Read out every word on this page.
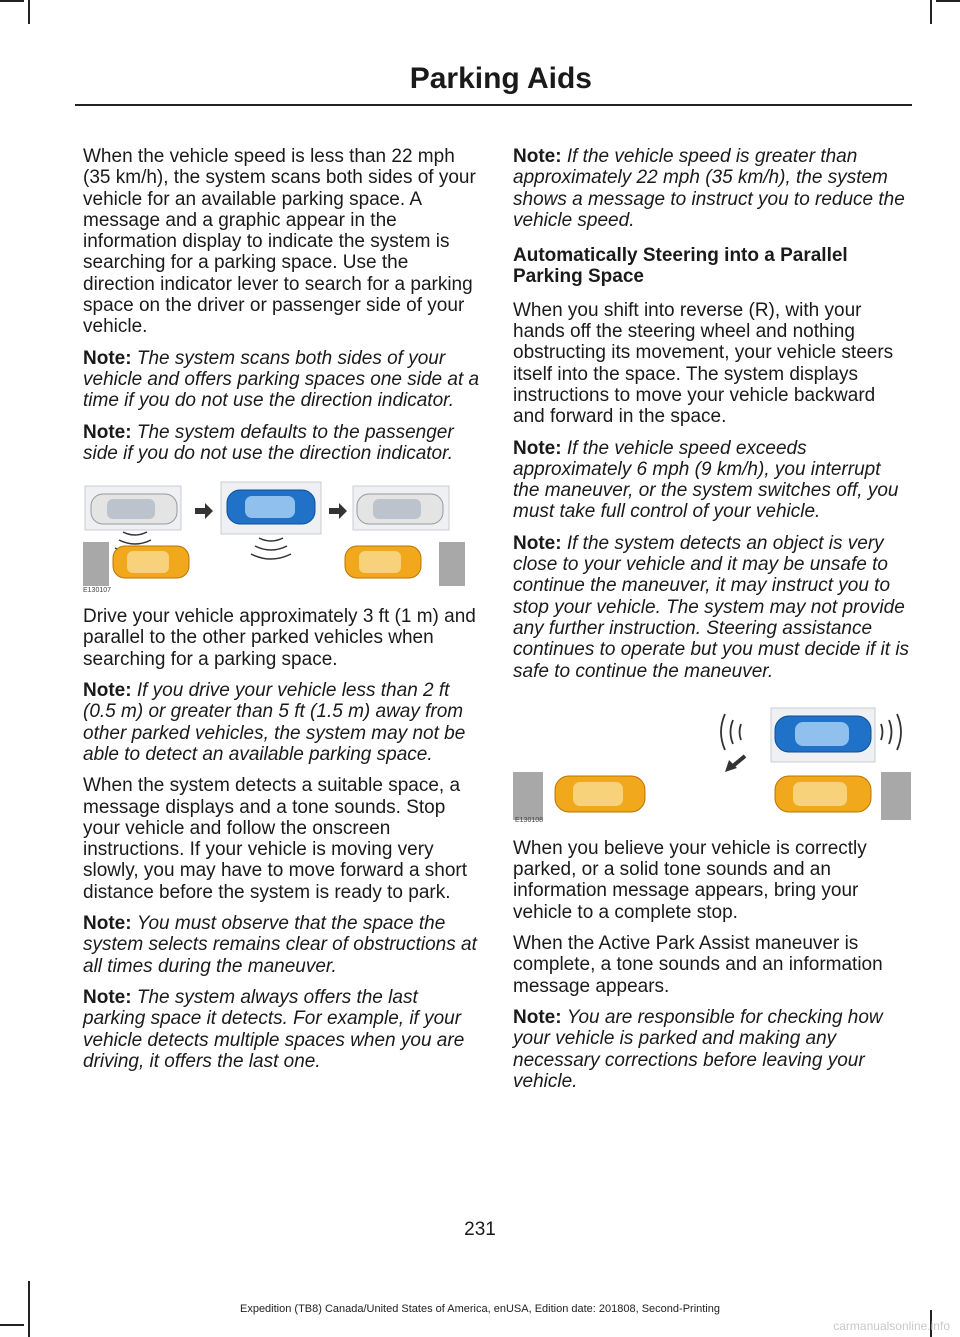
Parking Aids

When the vehicle speed is less than 22 mph (35 km/h), the system scans both sides of your vehicle for an available parking space. A message and a graphic appear in the information display to indicate the system is searching for a parking space. Use the direction indicator lever to search for a parking space on the driver or passenger side of your vehicle.

Note: The system scans both sides of your vehicle and offers parking spaces one side at a time if you do not use the direction indicator.

Note: The system defaults to the passenger side if you do not use the direction indicator.

E130107

Drive your vehicle approximately 3 ft (1 m) and parallel to the other parked vehicles when searching for a parking space.

Note: If you drive your vehicle less than 2 ft (0.5 m) or greater than 5 ft (1.5 m) away from other parked vehicles, the system may not be able to detect an available parking space.

When the system detects a suitable space, a message displays and a tone sounds. Stop your vehicle and follow the onscreen instructions. If your vehicle is moving very slowly, you may have to move forward a short distance before the system is ready to park.

Note: You must observe that the space the system selects remains clear of obstructions at all times during the maneuver.

Note: The system always offers the last parking space it detects. For example, if your vehicle detects multiple spaces when you are driving, it offers the last one.

Note: If the vehicle speed is greater than approximately 22 mph (35 km/h), the system shows a message to instruct you to reduce the vehicle speed.

Automatically Steering into a Parallel Parking Space

When you shift into reverse (R), with your hands off the steering wheel and nothing obstructing its movement, your vehicle steers itself into the space. The system displays instructions to move your vehicle backward and forward in the space.

Note: If the vehicle speed exceeds approximately 6 mph (9 km/h), you interrupt the maneuver, or the system switches off, you must take full control of your vehicle.

Note: If the system detects an object is very close to your vehicle and it may be unsafe to continue the maneuver, it may instruct you to stop your vehicle. The system may not provide any further instruction. Steering assistance continues to operate but you must decide if it is safe to continue the maneuver.

E130108

When you believe your vehicle is correctly parked, or a solid tone sounds and an information message appears, bring your vehicle to a complete stop.

When the Active Park Assist maneuver is complete, a tone sounds and an information message appears.

Note: You are responsible for checking how your vehicle is parked and making any necessary corrections before leaving your vehicle.

231
Expedition (TB8) Canada/United States of America, enUSA, Edition date: 201808, Second-Printing
carmanualsonline.info
